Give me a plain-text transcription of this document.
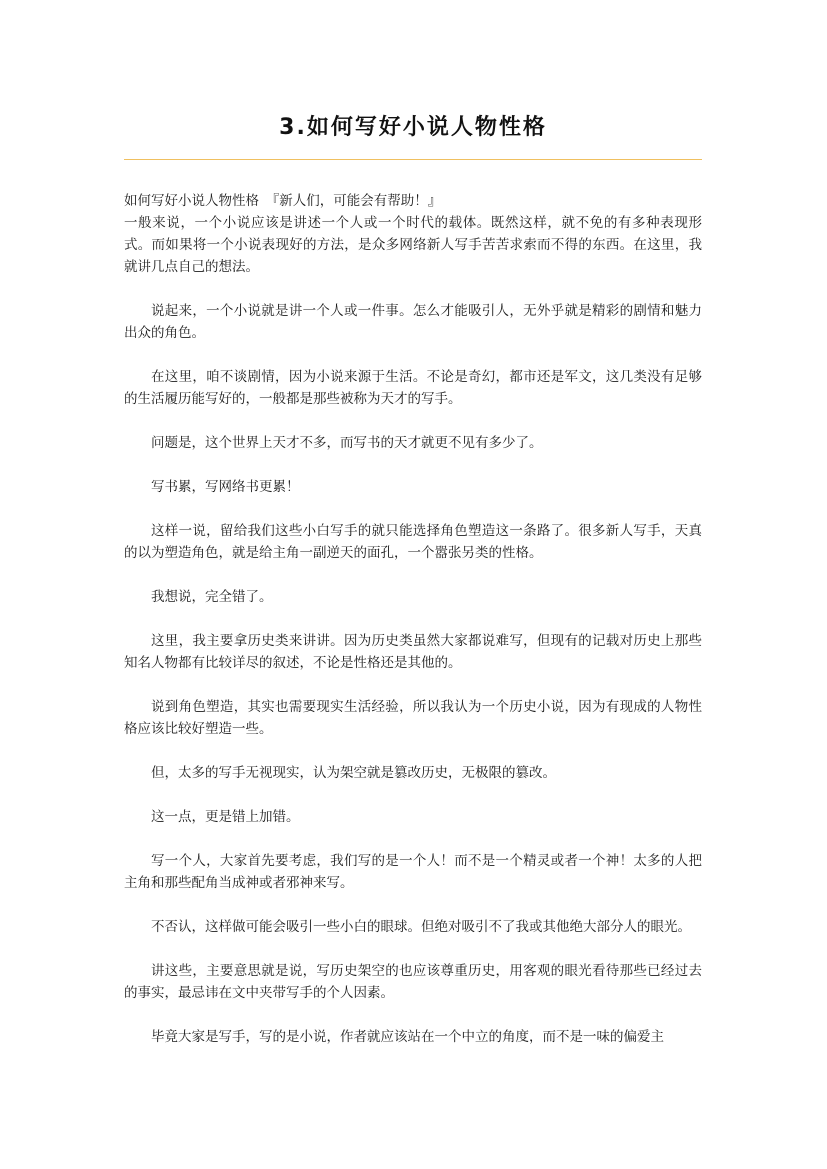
3.如何写好小说人物性格

如何写好小说人物性格　『新人们，可能会有帮助！』

一般来说，一个小说应该是讲述一个人或一个时代的载体。既然这样，就不免的有多种表现形式。而如果将一个小说表现好的方法，是众多网络新人写手苦苦求索而不得的东西。在这里，我就讲几点自己的想法。

说起来，一个小说就是讲一个人或一件事。怎么才能吸引人，无外乎就是精彩的剧情和魅力出众的角色。

在这里，咱不谈剧情，因为小说来源于生活。不论是奇幻，都市还是军文，这几类没有足够的生活履历能写好的，一般都是那些被称为天才的写手。

问题是，这个世界上天才不多，而写书的天才就更不见有多少了。

写书累，写网络书更累！

这样一说，留给我们这些小白写手的就只能选择角色塑造这一条路了。很多新人写手，天真的以为塑造角色，就是给主角一副逆天的面孔，一个嚣张另类的性格。

我想说，完全错了。

这里，我主要拿历史类来讲讲。因为历史类虽然大家都说难写，但现有的记载对历史上那些知名人物都有比较详尽的叙述，不论是性格还是其他的。

说到角色塑造，其实也需要现实生活经验，所以我认为一个历史小说，因为有现成的人物性格应该比较好塑造一些。

但，太多的写手无视现实，认为架空就是篡改历史，无极限的篡改。

这一点，更是错上加错。

写一个人，大家首先要考虑，我们写的是一个人！而不是一个精灵或者一个神！太多的人把主角和那些配角当成神或者邪神来写。

不否认，这样做可能会吸引一些小白的眼球。但绝对吸引不了我或其他绝大部分人的眼光。

讲这些，主要意思就是说，写历史架空的也应该尊重历史，用客观的眼光看待那些已经过去的事实，最忌讳在文中夹带写手的个人因素。

毕竟大家是写手，写的是小说，作者就应该站在一个中立的角度，而不是一味的偏爱主
